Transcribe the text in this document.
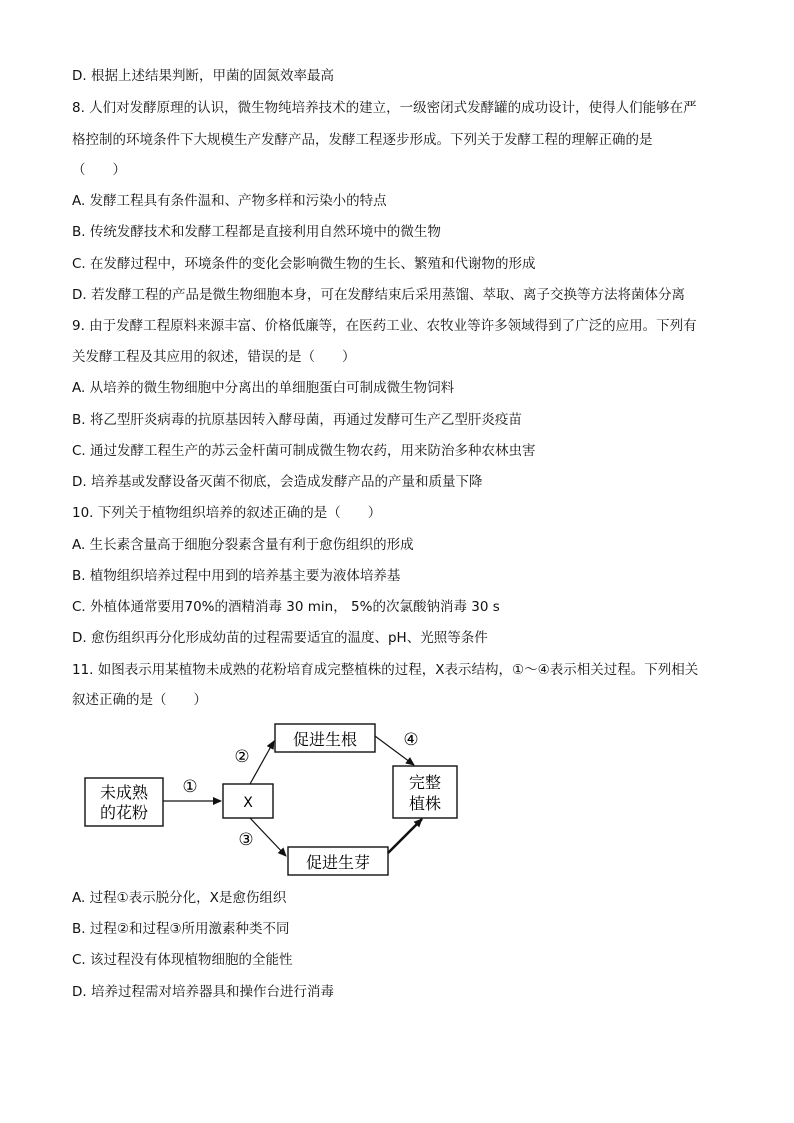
D. 根据上述结果判断，甲菌的固氮效率最高
8. 人们对发酵原理的认识，微生物纯培养技术的建立，一级密闭式发酵罐的成功设计，使得人们能够在严
格控制的环境条件下大规模生产发酵产品，发酵工程逐步形成。下列关于发酵工程的理解正确的是
（　　）
A. 发酵工程具有条件温和、产物多样和污染小的特点
B. 传统发酵技术和发酵工程都是直接利用自然环境中的微生物
C. 在发酵过程中，环境条件的变化会影响微生物的生长、繁殖和代谢物的形成
D. 若发酵工程的产品是微生物细胞本身，可在发酵结束后采用蒸馏、萃取、离子交换等方法将菌体分离
9. 由于发酵工程原料来源丰富、价格低廉等，在医药工业、农牧业等许多领域得到了广泛的应用。下列有
关发酵工程及其应用的叙述，错误的是（　　）
A. 从培养的微生物细胞中分离出的单细胞蛋白可制成微生物饲料
B. 将乙型肝炎病毒的抗原基因转入酵母菌，再通过发酵可生产乙型肝炎疫苗
C. 通过发酵工程生产的苏云金杆菌可制成微生物农药，用来防治多种农林虫害
D. 培养基或发酵设备灭菌不彻底，会造成发酵产品的产量和质量下降
10. 下列关于植物组织培养的叙述正确的是（　　）
A. 生长素含量高于细胞分裂素含量有利于愈伤组织的形成
B. 植物组织培养过程中用到的培养基主要为液体培养基
C. 外植体通常要用70%的酒精消毒 30 min， 5%的次氯酸钠消毒 30 s
D. 愈伤组织再分化形成幼苗的过程需要适宜的温度、pH、光照等条件
11. 如图表示用某植物未成熟的花粉培育成完整植株的过程，X表示结构，①～④表示相关过程。下列相关
叙述正确的是（　　）
未成熟
的花粉	X
促进生根
促进生芽
完整
植株
①
②
③
④
A. 过程①表示脱分化，X是愈伤组织
B. 过程②和过程③所用激素种类不同
C. 该过程没有体现植物细胞的全能性
D. 培养过程需对培养器具和操作台进行消毒
